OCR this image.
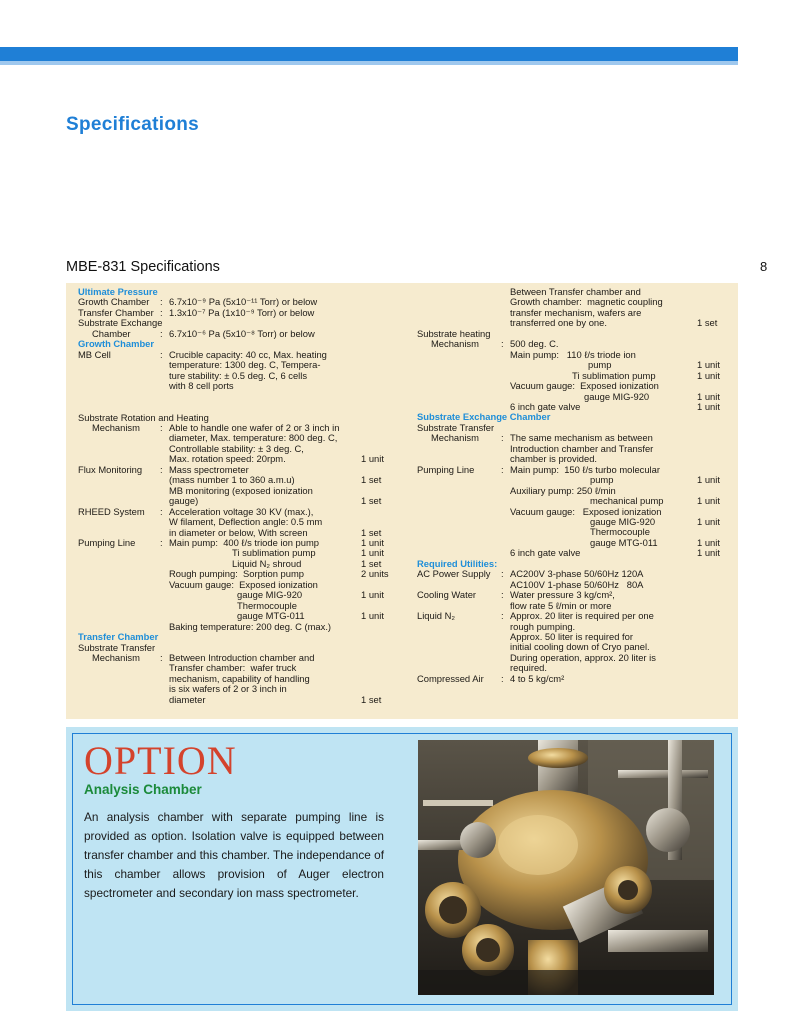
Specifications
MBE-831 Specifications	8
Ultimate Pressure
Growth Chamber	: 6.7x10⁻⁹ Pa (5x10⁻¹¹ Torr) or below
Transfer Chamber : 1.3x10⁻⁷ Pa (1x10⁻⁹ Torr) or below
Substrate Exchange
Chamber	: 6.7x10⁻⁶ Pa (5x10⁻⁸ Torr) or below
Growth Chamber
MB Cell	: Crucible capacity: 40 cc, Max. heating
temperature: 1300 deg. C, Tempera-
ture stability: ± 0.5 deg. C, 6 cells
with 8 cell ports
Substrate Rotation and Heating
Mechanism	: Able to handle one wafer of 2 or 3 inch in
diameter, Max. temperature: 800 deg. C,
Controllable stability: ± 3 deg. C,
Max. rotation speed: 20rpm.	1 unit
Flux Monitoring	: Mass spectrometer
(mass number 1 to 360 a.m.u)	1 set
MB monitoring (exposed ionization
gauge)	1 set
RHEED System	: Acceleration voltage 30 KV (max.),
W filament, Deflection angle: 0.5 mm
in diameter or below, With screen	1 set
Pumping Line	: Main pump:  400 ℓ/s triode ion pump	1 unit
Ti sublimation pump	1 unit
Liquid N₂ shroud	1 set
Rough pumping:  Sorption pump	2 units
Vacuum gauge:  Exposed ionization
gauge MIG-920	1 unit
Thermocouple
gauge MTG-011	1 unit
Baking temperature: 200 deg. C (max.)
Transfer Chamber
Substrate Transfer
Mechanism	: Between Introduction chamber and
Transfer chamber:  wafer truck
mechanism, capability of handling
is six wafers of 2 or 3 inch in
diameter	1 set
Between Transfer chamber and
Growth chamber:  magnetic coupling
transfer mechanism, wafers are
transferred one by one.	1 set
Substrate heating
Mechanism	: 500 deg. C.
Main pump:   110 ℓ/s triode ion
pump	1 unit
Ti sublimation pump	1 unit
Vacuum gauge:  Exposed ionization
gauge MIG-920	1 unit
6 inch gate valve	1 unit
Substrate Exchange Chamber
Substrate Transfer
Mechanism	: The same mechanism as between
Introduction chamber and Transfer
chamber is provided.
Pumping Line	: Main pump:  150 ℓ/s turbo molecular
pump	1 unit
Auxiliary pump: 250 ℓ/min
mechanical pump	1 unit
Vacuum gauge:   Exposed ionization
gauge MIG-920	1 unit
Thermocouple
gauge MTG-011	1 unit
6 inch gate valve	1 unit
Required Utilities:
AC Power Supply	: AC200V 3-phase 50/60Hz 120A
AC100V 1-phase 50/60Hz   80A
Cooling Water	: Water pressure 3 kg/cm²,
flow rate 5 ℓ/min or more
Liquid N₂	: Approx. 20 liter is required per one
rough pumping.
Approx. 50 liter is required for
initial cooling down of Cryo panel.
During operation, approx. 20 liter is
required.
Compressed Air	: 4 to 5 kg/cm²
OPTION
Analysis Chamber
An analysis chamber with separate pumping line is provided as option. Isolation valve is equipped between transfer chamber and this chamber. The independance of this chamber allows provision of Auger electron spectrometer and secondary ion mass spectrometer.
